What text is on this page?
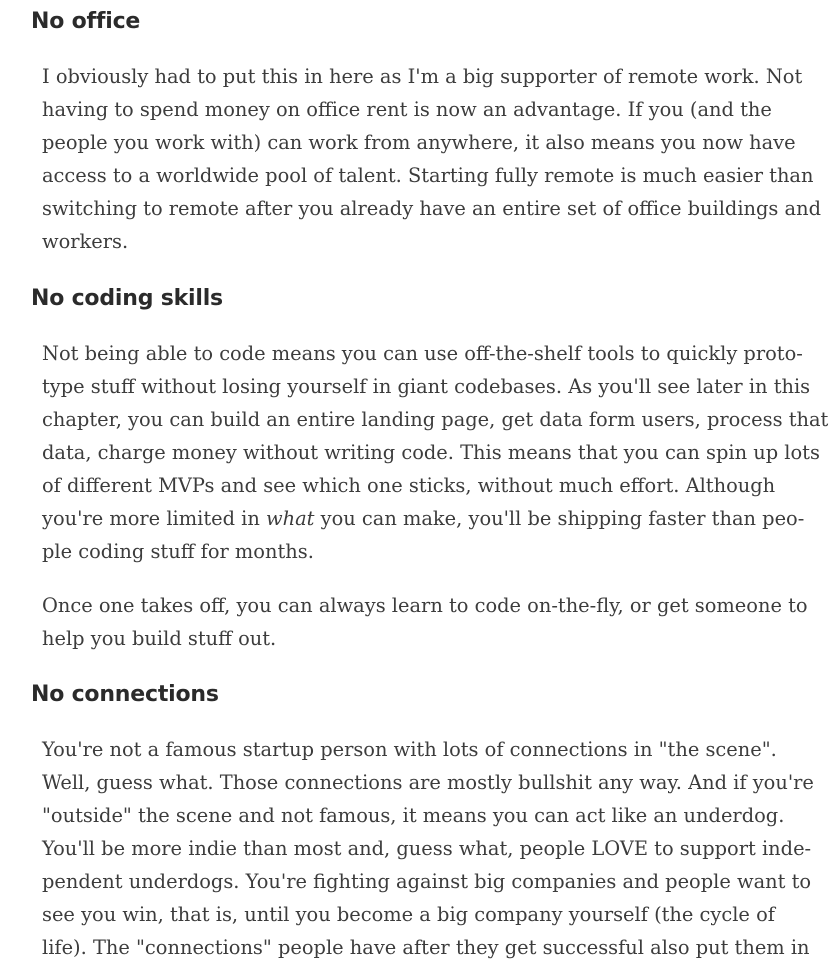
No office

I obviously had to put this in here as I'm a big supporter of remote work. Not
having to spend money on office rent is now an advantage. If you (and the
people you work with) can work from anywhere, it also means you now have
access to a worldwide pool of talent. Starting fully remote is much easier than
switching to remote after you already have an entire set of office buildings and
workers.

No coding skills

Not being able to code means you can use off-the-shelf tools to quickly proto-
type stuff without losing yourself in giant codebases. As you'll see later in this
chapter, you can build an entire landing page, get data form users, process that
data, charge money without writing code. This means that you can spin up lots
of different MVPs and see which one sticks, without much effort. Although
you're more limited in what you can make, you'll be shipping faster than peo-
ple coding stuff for months.

Once one takes off, you can always learn to code on-the-fly, or get someone to
help you build stuff out.

No connections

You're not a famous startup person with lots of connections in "the scene".
Well, guess what. Those connections are mostly bullshit any way. And if you're
"outside" the scene and not famous, it means you can act like an underdog.
You'll be more indie than most and, guess what, people LOVE to support inde-
pendent underdogs. You're fighting against big companies and people want to
see you win, that is, until you become a big company yourself (the cycle of
life). The "connections" people have after they get successful also put them in
